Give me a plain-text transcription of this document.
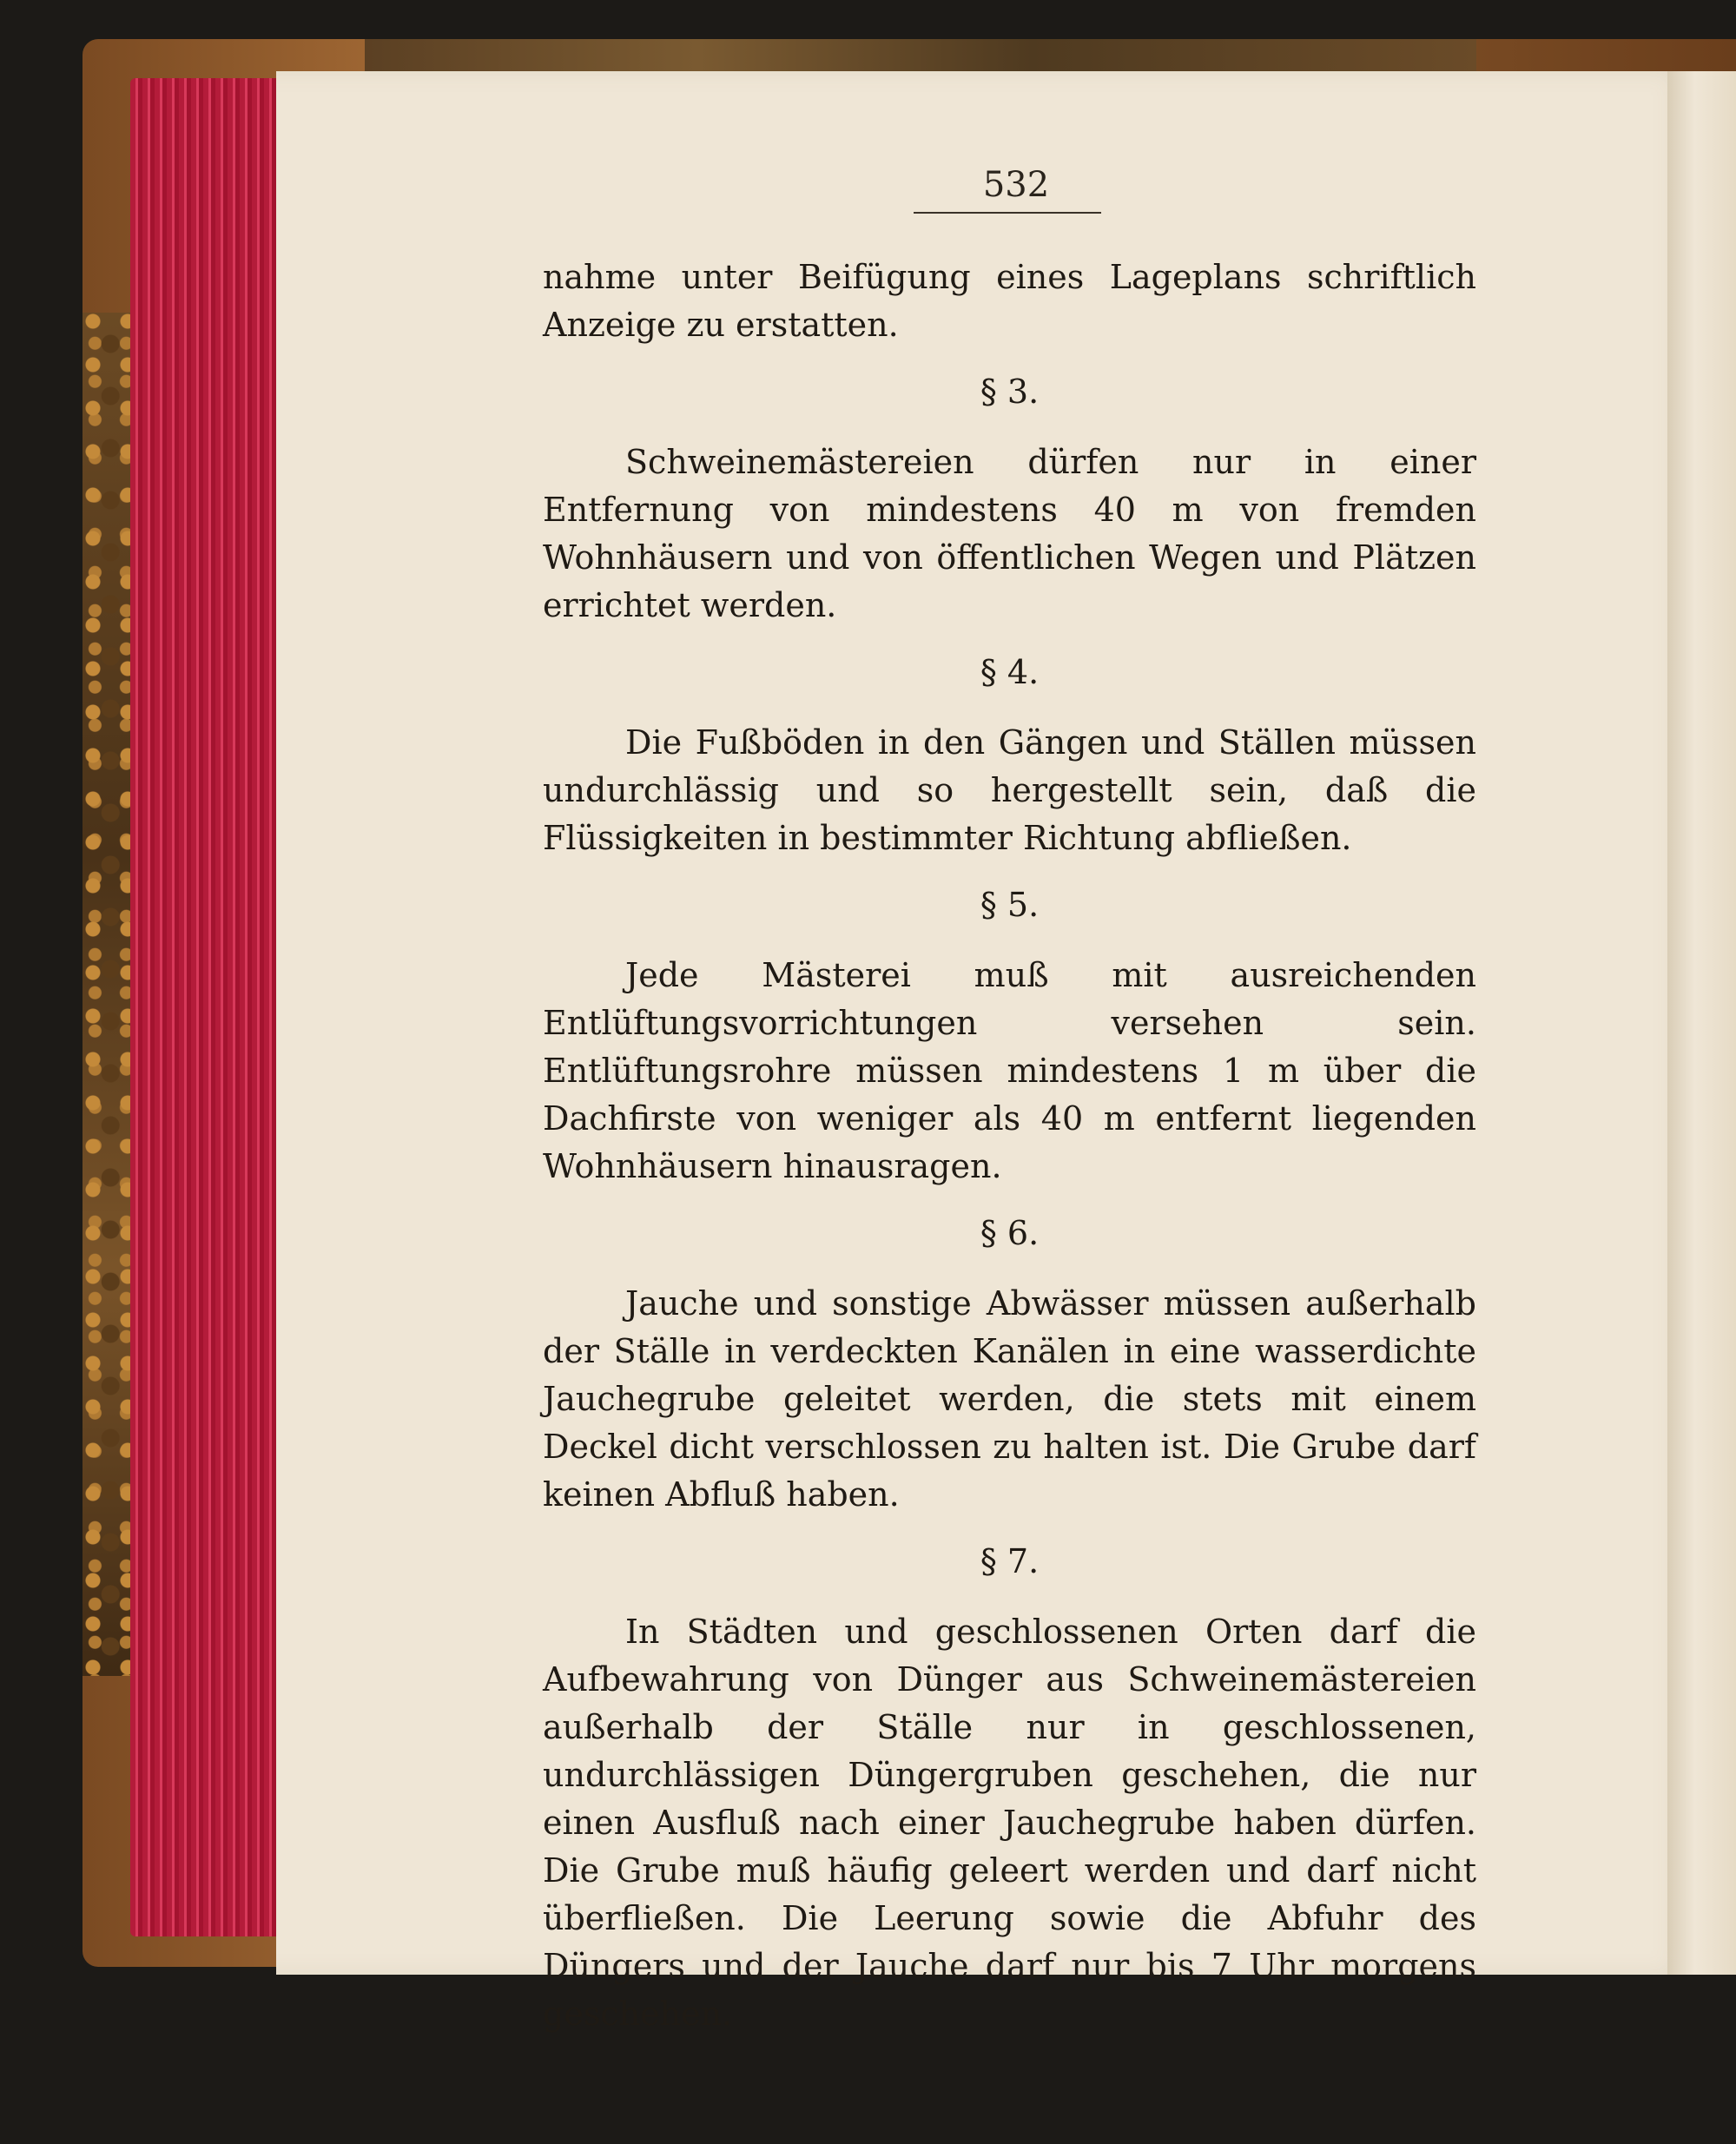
532

nahme unter Beifügung eines Lageplans schriftlich Anzeige zu erstatten.

§ 3.

Schweinemästereien dürfen nur in einer Entfernung von mindestens 40 m von fremden Wohnhäusern und von öffentlichen Wegen und Plätzen errichtet werden.

§ 4.

Die Fußböden in den Gängen und Ställen müssen undurchlässig und so hergestellt sein, daß die Flüssigkeiten in bestimmter Richtung abfließen.

§ 5.

Jede Mästerei muß mit ausreichenden Entlüftungsvorrichtungen versehen sein. Entlüftungsrohre müssen mindestens 1 m über die Dachfirste von weniger als 40 m entfernt liegenden Wohnhäusern hinausragen.

§ 6.

Jauche und sonstige Abwässer müssen außerhalb der Ställe in verdeckten Kanälen in eine wasserdichte Jauchegrube geleitet werden, die stets mit einem Deckel dicht verschlossen zu halten ist. Die Grube darf keinen Abfluß haben.

§ 7.

In Städten und geschlossenen Orten darf die Aufbewahrung von Dünger aus Schweinemästereien außerhalb der Ställe nur in geschlossenen, undurchlässigen Düngergruben geschehen, die nur einen Ausfluß nach einer Jauchegrube haben dürfen. Die Grube muß häufig geleert werden und darf nicht überfließen. Die Leerung sowie die Abfuhr des Düngers und der Jauche darf nur bis 7 Uhr morgens geschehen.
